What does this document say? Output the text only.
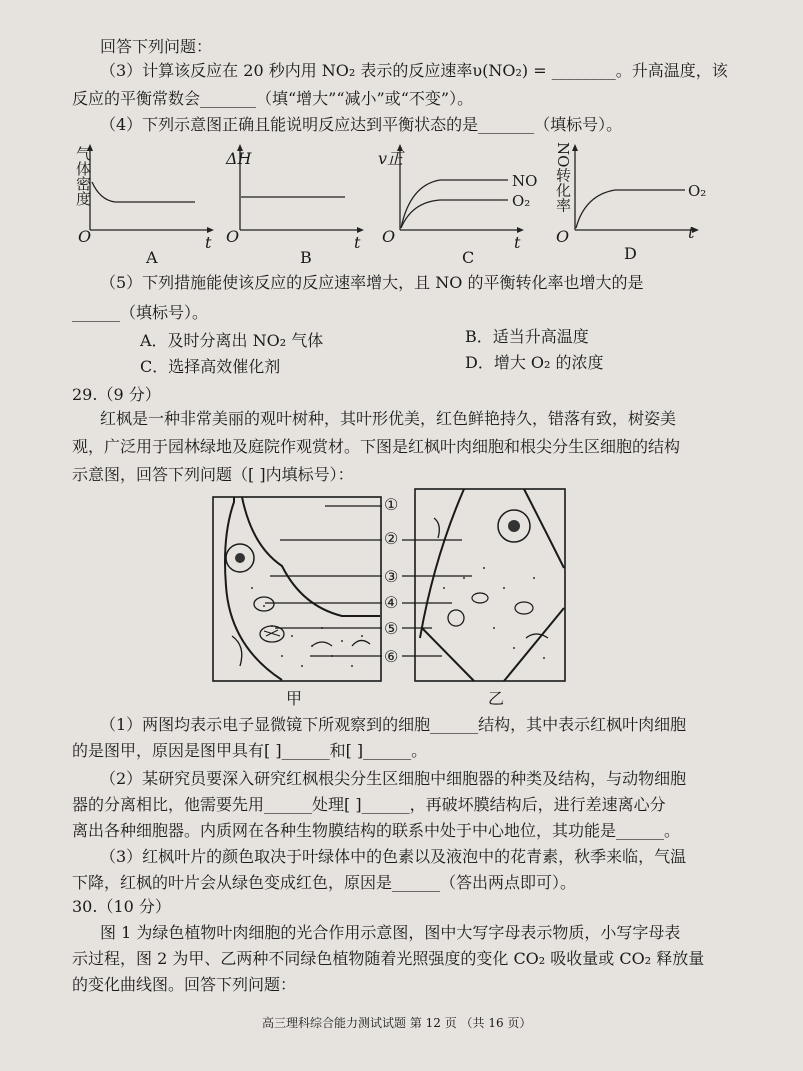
回答下列问题：
（3）计算该反应在 20 秒内用 NO₂ 表示的反应速率υ(NO₂) = ________。升高温度，该
反应的平衡常数会_______（填“增大”“减小”或“不变”）。
（4）下列示意图正确且能说明反应达到平衡状态的是_______（填标号）。
气体密度
O	t
A
ΔH
O	t
B
v正
NO
O₂
O	t
C
NO转化率	O₂
O	t
D
（5）下列措施能使该反应的反应速率增大，且 NO 的平衡转化率也增大的是
______（填标号）。
A．及时分离出 NO₂ 气体	B．适当升高温度
C．选择高效催化剂	D．增大 O₂ 的浓度
29.（9 分）
红枫是一种非常美丽的观叶树种，其叶形优美，红色鲜艳持久，错落有致，树姿美
观，广泛用于园林绿地及庭院作观赏材。下图是红枫叶肉细胞和根尖分生区细胞的结构
示意图，回答下列问题（[ ]内填标号）：
①
②
③
④
⑤
⑥
甲	乙
（1）两图均表示电子显微镜下所观察到的细胞______结构，其中表示红枫叶肉细胞
的是图甲，原因是图甲具有[ ]______和[ ]______。
（2）某研究员要深入研究红枫根尖分生区细胞中细胞器的种类及结构，与动物细胞
器的分离相比，他需要先用______处理[ ]______，再破坏膜结构后，进行差速离心分
离出各种细胞器。内质网在各种生物膜结构的联系中处于中心地位，其功能是______。
（3）红枫叶片的颜色取决于叶绿体中的色素以及液泡中的花青素，秋季来临，气温
下降，红枫的叶片会从绿色变成红色，原因是______（答出两点即可）。
30.（10 分）
图 1 为绿色植物叶肉细胞的光合作用示意图，图中大写字母表示物质，小写字母表
示过程，图 2 为甲、乙两种不同绿色植物随着光照强度的变化 CO₂ 吸收量或 CO₂ 释放量
的变化曲线图。回答下列问题：
高三理科综合能力测试试题 第 12 页 （共 16 页）
